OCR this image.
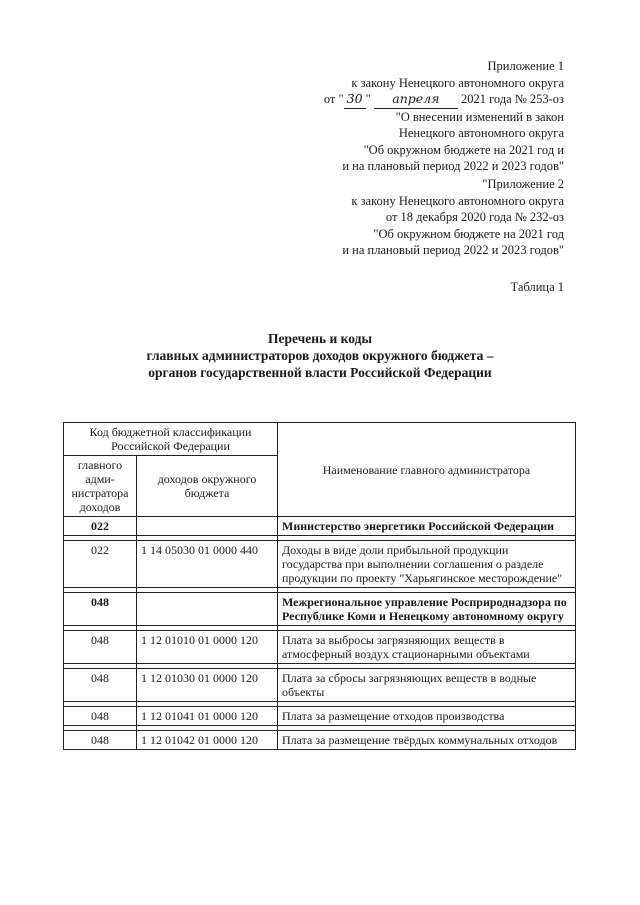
Приложение 1
к закону Ненецкого автономного округа
от " 30 " апреля 2021 года № 253-оз
"О внесении изменений в закон
Ненецкого автономного округа
"Об окружном бюджете на 2021 год и
и на плановый период 2022 и 2023 годов"
"Приложение 2
к закону Ненецкого автономного округа
от 18 декабря 2020 года № 232-оз
"Об окружном бюджете на 2021 год
и на плановый период 2022 и 2023 годов"
Таблица 1
Перечень и коды
главных администраторов доходов окружного бюджета –
органов государственной власти Российской Федерации
Код бюджетной классификации Российской Федерации		Наименование главного администратора
главного адми-нистратора доходов	доходов окружного бюджета	
022		Министерство энергетики Российской Федерации

022	1 14 05030 01 0000 440	Доходы в виде доли прибыльной продукции государства при выполнении соглашения о разделе продукции по проекту "Харьягинское месторождение"

048		Межрегиональное управление Росприроднадзора по Республике Коми и Ненецкому автономному округу

048	1 12 01010 01 0000 120	Плата за выбросы загрязняющих веществ в атмосферный воздух стационарными объектами

048	1 12 01030 01 0000 120	Плата за сбросы загрязняющих веществ в водные объекты

048	1 12 01041 01 0000 120	Плата за размещение отходов производства

048	1 12 01042 01 0000 120	Плата за размещение твёрдых коммунальных отходов
